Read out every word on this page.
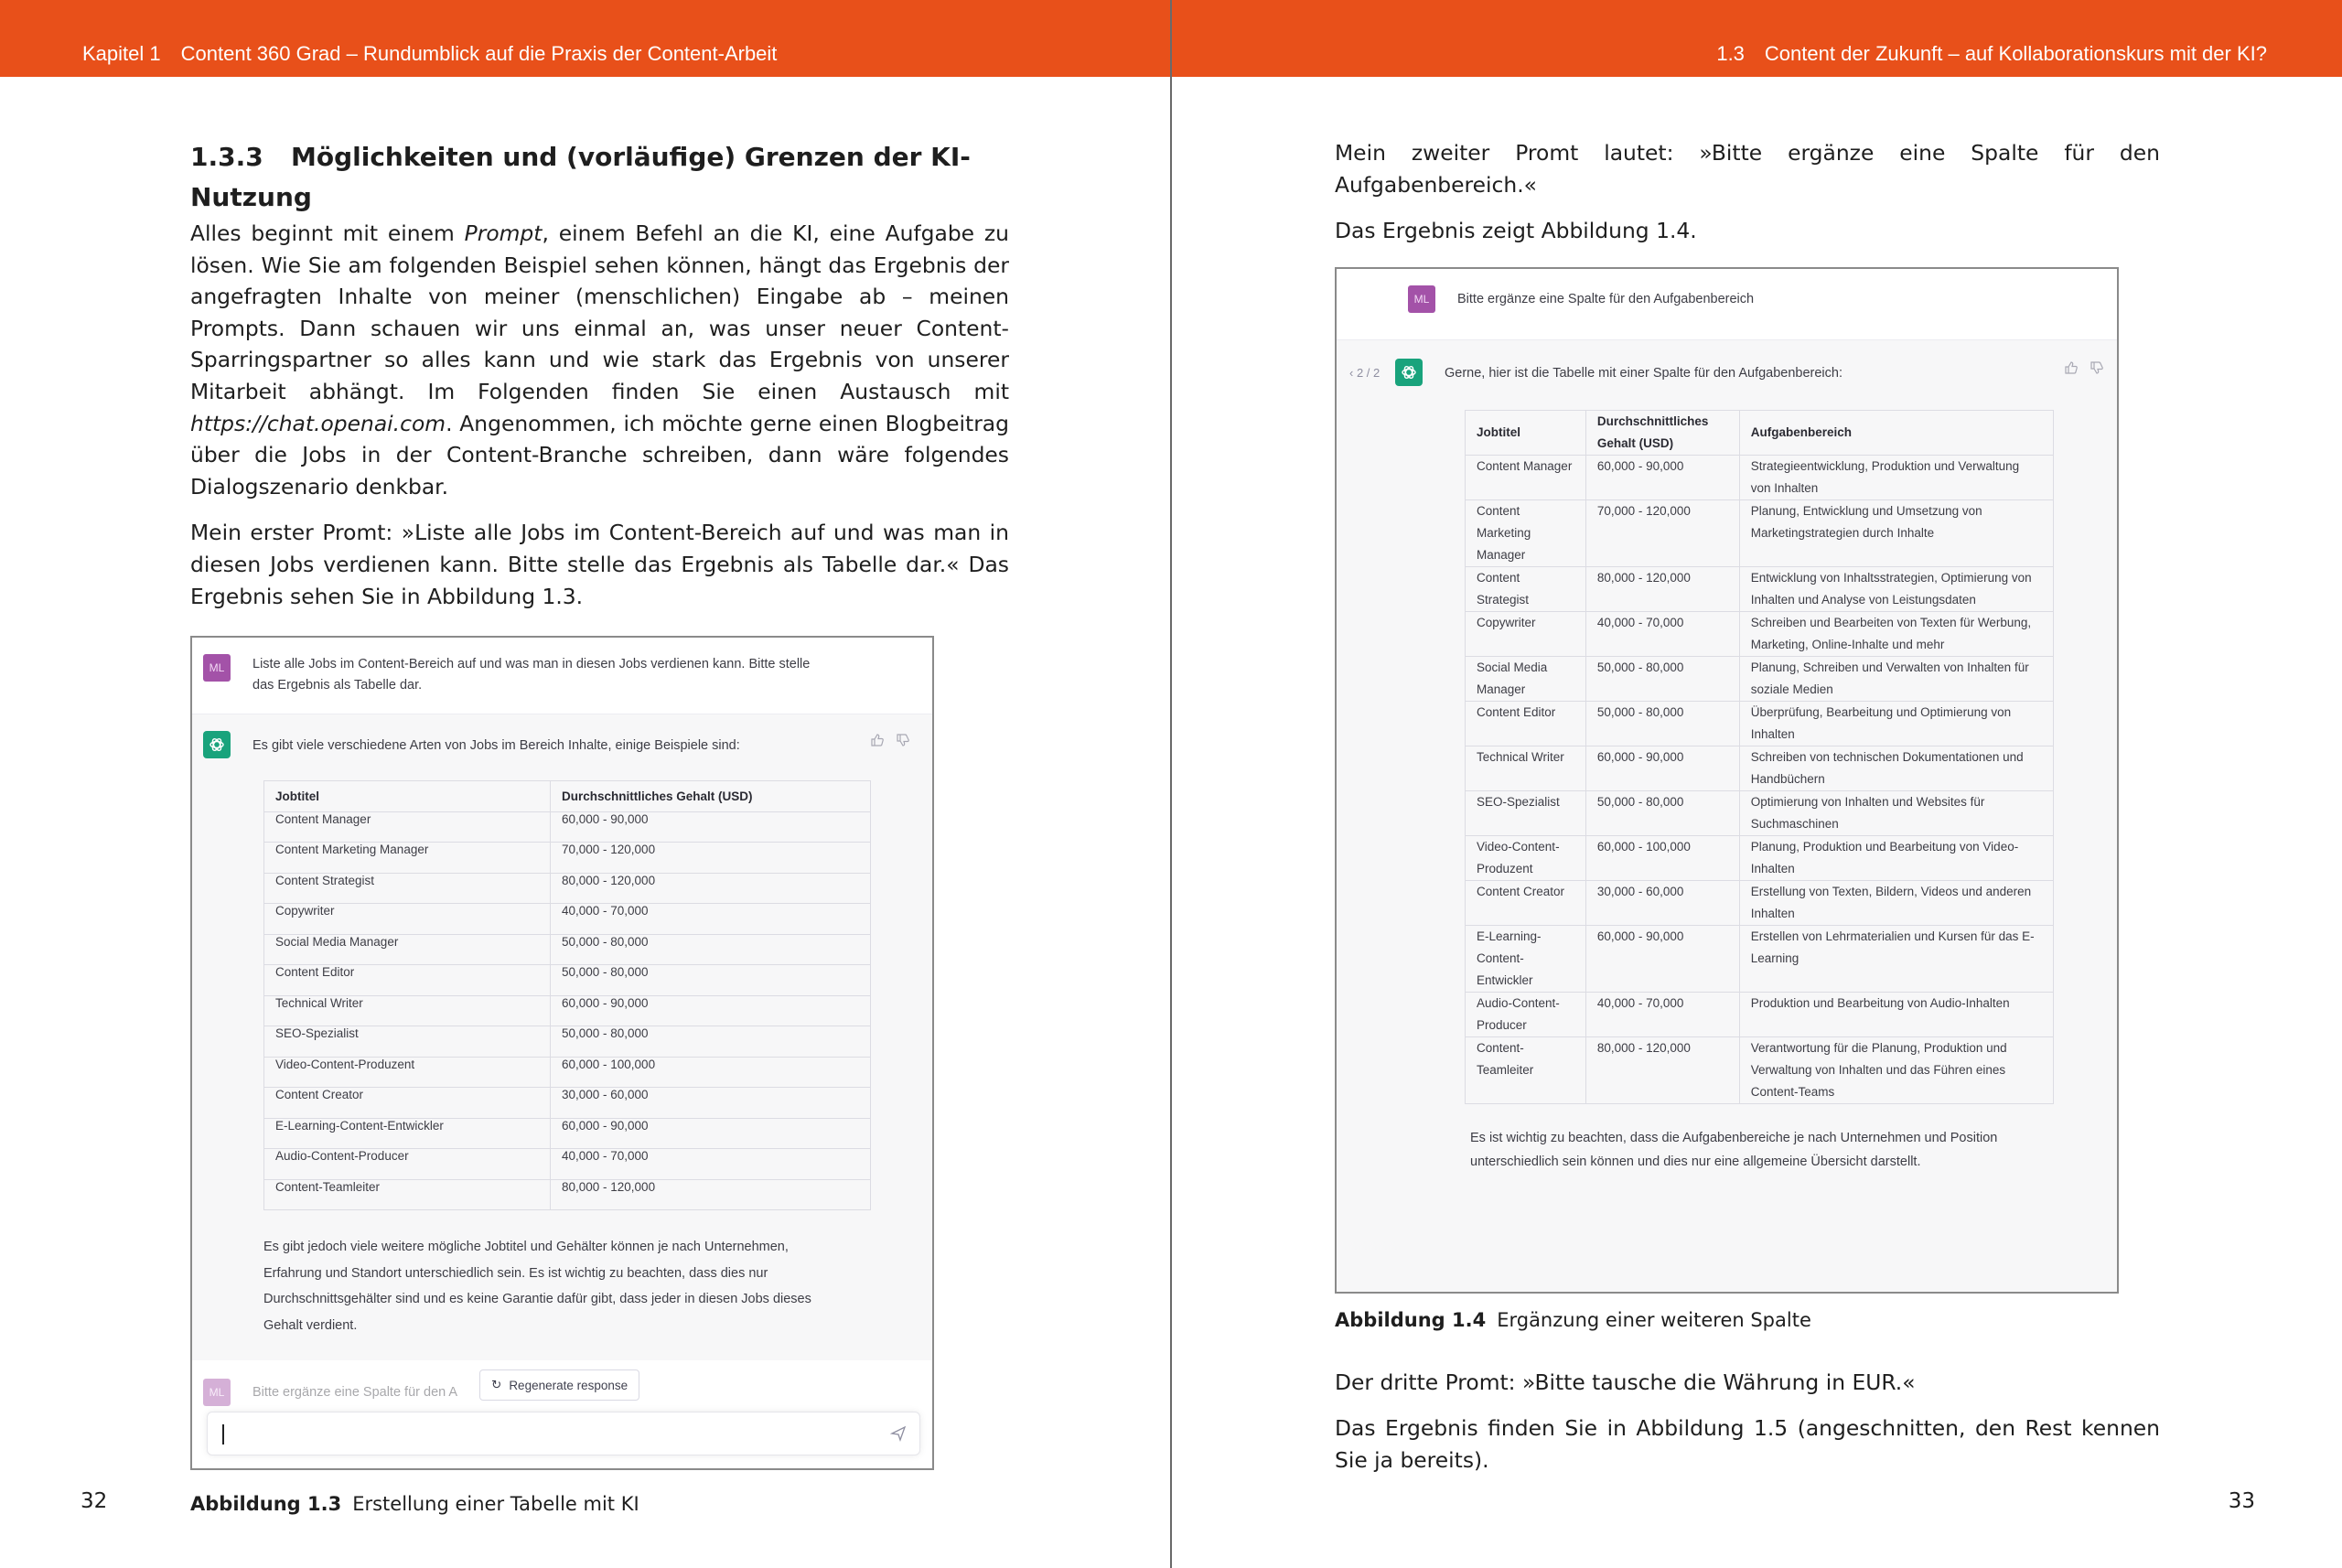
Kapitel 1 Content 360 Grad – Rundumblick auf die Praxis der Content-Arbeit
1.3.3 Möglichkeiten und (vorläufige) Grenzen der KI-Nutzung

Alles beginnt mit einem Prompt, einem Befehl an die KI, eine Aufgabe zu lösen. Wie Sie am folgenden Beispiel sehen können, hängt das Ergebnis der angefragten Inhalte von meiner (menschlichen) Eingabe ab – meinen Prompts. Dann schauen wir uns einmal an, was unser neuer Content-Sparringspartner so alles kann und wie stark das Ergebnis von unserer Mitarbeit abhängt. Im Folgenden finden Sie einen Austausch mit https://chat.openai.com. Angenommen, ich möchte gerne einen Blogbeitrag über die Jobs in der Content-Branche schreiben, dann wäre folgendes Dialogszenario denkbar.

Mein erster Promt: »Liste alle Jobs im Content-Bereich auf und was man in diesen Jobs verdienen kann. Bitte stelle das Ergebnis als Tabelle dar.« Das Ergebnis sehen Sie in Abbildung 1.3.

ML	Liste alle Jobs im Content-Bereich auf und was man in diesen Jobs verdienen kann. Bitte stelle das Ergebnis als Tabelle dar.
Es gibt viele verschiedene Arten von Jobs im Bereich Inhalte, einige Beispiele sind:
Jobtitel	Durchschnittliches Gehalt (USD)
Content Manager	60,000 - 90,000
Content Marketing Manager	70,000 - 120,000
Content Strategist	80,000 - 120,000
Copywriter	40,000 - 70,000
Social Media Manager	50,000 - 80,000
Content Editor	50,000 - 80,000
Technical Writer	60,000 - 90,000
SEO-Spezialist	50,000 - 80,000
Video-Content-Produzent	60,000 - 100,000
Content Creator	30,000 - 60,000
E-Learning-Content-Entwickler	60,000 - 90,000
Audio-Content-Producer	40,000 - 70,000
Content-Teamleiter	80,000 - 120,000
Es gibt jedoch viele weitere mögliche Jobtitel und Gehälter können je nach Unternehmen, Erfahrung und Standort unterschiedlich sein. Es ist wichtig zu beachten, dass dies nur Durchschnittsgehälter sind und es keine Garantie dafür gibt, dass jeder in diesen Jobs dieses Gehalt verdient.
ML	Bitte ergänze eine Spalte für den A
↻ Regenerate response
Abbildung 1.3 Erstellung einer Tabelle mit KI
32
1.3 Content der Zukunft – auf Kollaborationskurs mit der KI?

Mein zweiter Promt lautet: »Bitte ergänze eine Spalte für den Aufgabenbereich.«

Das Ergebnis zeigt Abbildung 1.4.

ML	Bitte ergänze eine Spalte für den Aufgabenbereich
‹ 2 / 2	Gerne, hier ist die Tabelle mit einer Spalte für den Aufgabenbereich:
Jobtitel	Durchschnittliches Gehalt (USD)	Aufgabenbereich
Content Manager	60,000 - 90,000	Strategieentwicklung, Produktion und Verwaltung von Inhalten
Content Marketing Manager	70,000 - 120,000	Planung, Entwicklung und Umsetzung von Marketingstrategien durch Inhalte
Content Strategist	80,000 - 120,000	Entwicklung von Inhaltsstrategien, Optimierung von Inhalten und Analyse von Leistungsdaten
Copywriter	40,000 - 70,000	Schreiben und Bearbeiten von Texten für Werbung, Marketing, Online-Inhalte und mehr
Social Media Manager	50,000 - 80,000	Planung, Schreiben und Verwalten von Inhalten für soziale Medien
Content Editor	50,000 - 80,000	Überprüfung, Bearbeitung und Optimierung von Inhalten
Technical Writer	60,000 - 90,000	Schreiben von technischen Dokumentationen und Handbüchern
SEO-Spezialist	50,000 - 80,000	Optimierung von Inhalten und Websites für Suchmaschinen
Video-Content-Produzent	60,000 - 100,000	Planung, Produktion und Bearbeitung von Video-Inhalten
Content Creator	30,000 - 60,000	Erstellung von Texten, Bildern, Videos und anderen Inhalten
E-Learning-Content-Entwickler	60,000 - 90,000	Erstellen von Lehrmaterialien und Kursen für das E-Learning
Audio-Content-Producer	40,000 - 70,000	Produktion und Bearbeitung von Audio-Inhalten
Content-Teamleiter	80,000 - 120,000	Verantwortung für die Planung, Produktion und Verwaltung von Inhalten und das Führen eines Content-Teams
Es ist wichtig zu beachten, dass die Aufgabenbereiche je nach Unternehmen und Position unterschiedlich sein können und dies nur eine allgemeine Übersicht darstellt.
Abbildung 1.4 Ergänzung einer weiteren Spalte

Der dritte Promt: »Bitte tausche die Währung in EUR.«

Das Ergebnis finden Sie in Abbildung 1.5 (angeschnitten, den Rest kennen Sie ja bereits).

33
